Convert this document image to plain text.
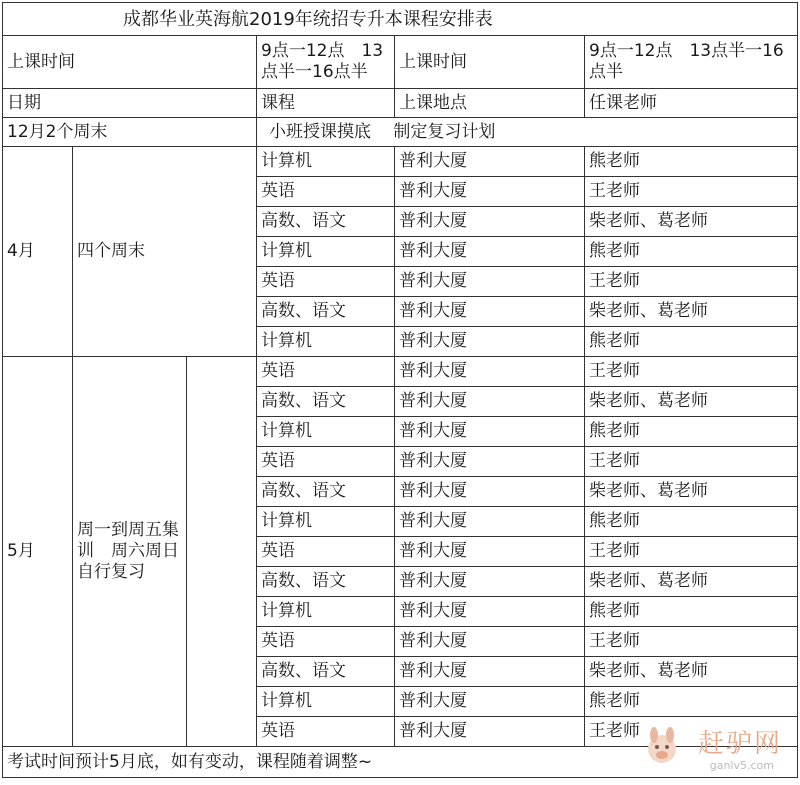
成都华业英海航2019年统招专升本课程安排表					
上课时间			9点一12点　13点半一16点半	上课时间	9点一12点　13点半一16点半
日期			课程	上课地点	任课老师
12月2个周末			小班授课摸底　 制定复习计划		
4月	四个周末		计算机	普利大厦	熊老师
			英语	普利大厦	王老师
			高数、语文	普利大厦	柴老师、葛老师
			计算机	普利大厦	熊老师
			英语	普利大厦	王老师
			高数、语文	普利大厦	柴老师、葛老师
			计算机	普利大厦	熊老师
5月	周一到周五集训　周六周日自行复习		英语	普利大厦	王老师
			高数、语文	普利大厦	柴老师、葛老师
			计算机	普利大厦	熊老师
			英语	普利大厦	王老师
			高数、语文	普利大厦	柴老师、葛老师
			计算机	普利大厦	熊老师
			英语	普利大厦	王老师
			高数、语文	普利大厦	柴老师、葛老师
			计算机	普利大厦	熊老师
			英语	普利大厦	王老师
			高数、语文	普利大厦	柴老师、葛老师
			计算机	普利大厦	熊老师
			英语	普利大厦	王老师
考试时间预计5月底，如有变动，课程随着调整~					
赶驴网
ganlv5.com
